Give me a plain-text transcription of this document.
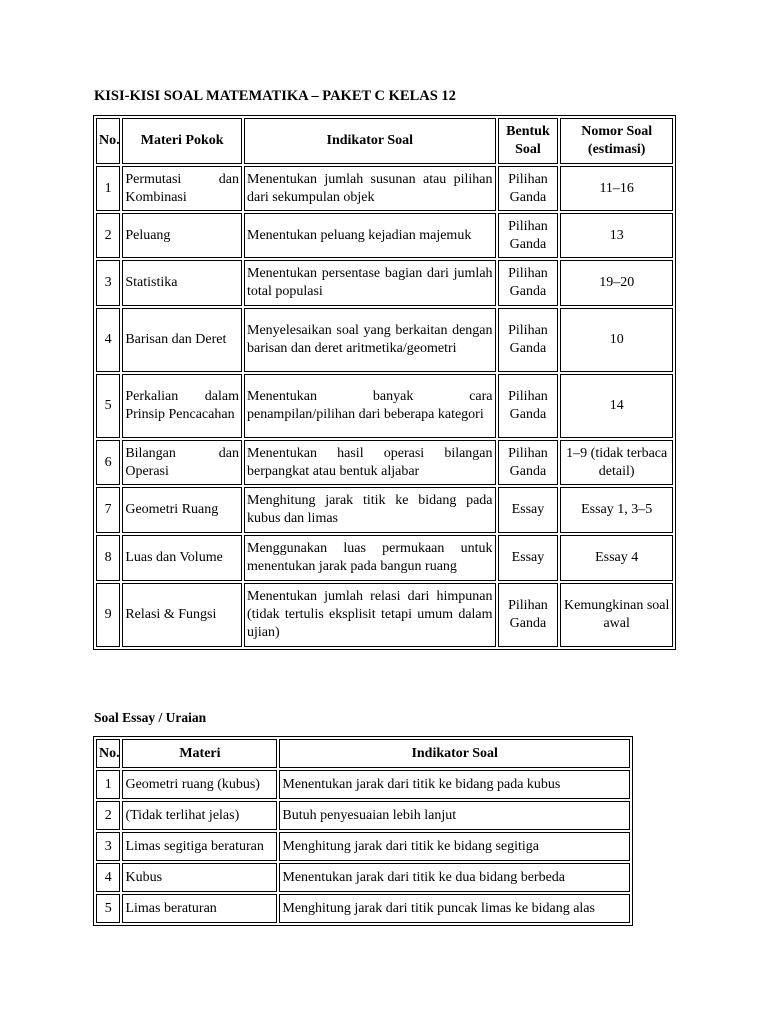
KISI-KISI SOAL MATEMATIKA – PAKET C KELAS 12
No.	Materi Pokok	Indikator Soal	Bentuk Soal	Nomor Soal (estimasi)
1	Permutasi dan Kombinasi	Menentukan jumlah susunan atau pilihan dari sekumpulan objek	Pilihan Ganda	11–16
2	Peluang	Menentukan peluang kejadian majemuk	Pilihan Ganda	13
3	Statistika	Menentukan persentase bagian dari jumlah total populasi	Pilihan Ganda	19–20
4	Barisan dan Deret	Menyelesaikan soal yang berkaitan dengan barisan dan deret aritmetika/geometri	Pilihan Ganda	10
5	Perkalian dalam Prinsip Pencacahan	Menentukan banyak cara penampilan/pilihan dari beberapa kategori	Pilihan Ganda	14
6	Bilangan dan Operasi	Menentukan hasil operasi bilangan berpangkat atau bentuk aljabar	Pilihan Ganda	1–9 (tidak terbaca detail)
7	Geometri Ruang	Menghitung jarak titik ke bidang pada kubus dan limas	Essay	Essay 1, 3–5
8	Luas dan Volume	Menggunakan luas permukaan untuk menentukan jarak pada bangun ruang	Essay	Essay 4
9	Relasi & Fungsi	Menentukan jumlah relasi dari himpunan (tidak tertulis eksplisit tetapi umum dalam ujian)	Pilihan Ganda	Kemungkinan soal awal
Soal Essay / Uraian
No.	Materi	Indikator Soal
1	Geometri ruang (kubus)	Menentukan jarak dari titik ke bidang pada kubus
2	(Tidak terlihat jelas)	Butuh penyesuaian lebih lanjut
3	Limas segitiga beraturan	Menghitung jarak dari titik ke bidang segitiga
4	Kubus	Menentukan jarak dari titik ke dua bidang berbeda
5	Limas beraturan	Menghitung jarak dari titik puncak limas ke bidang alas
